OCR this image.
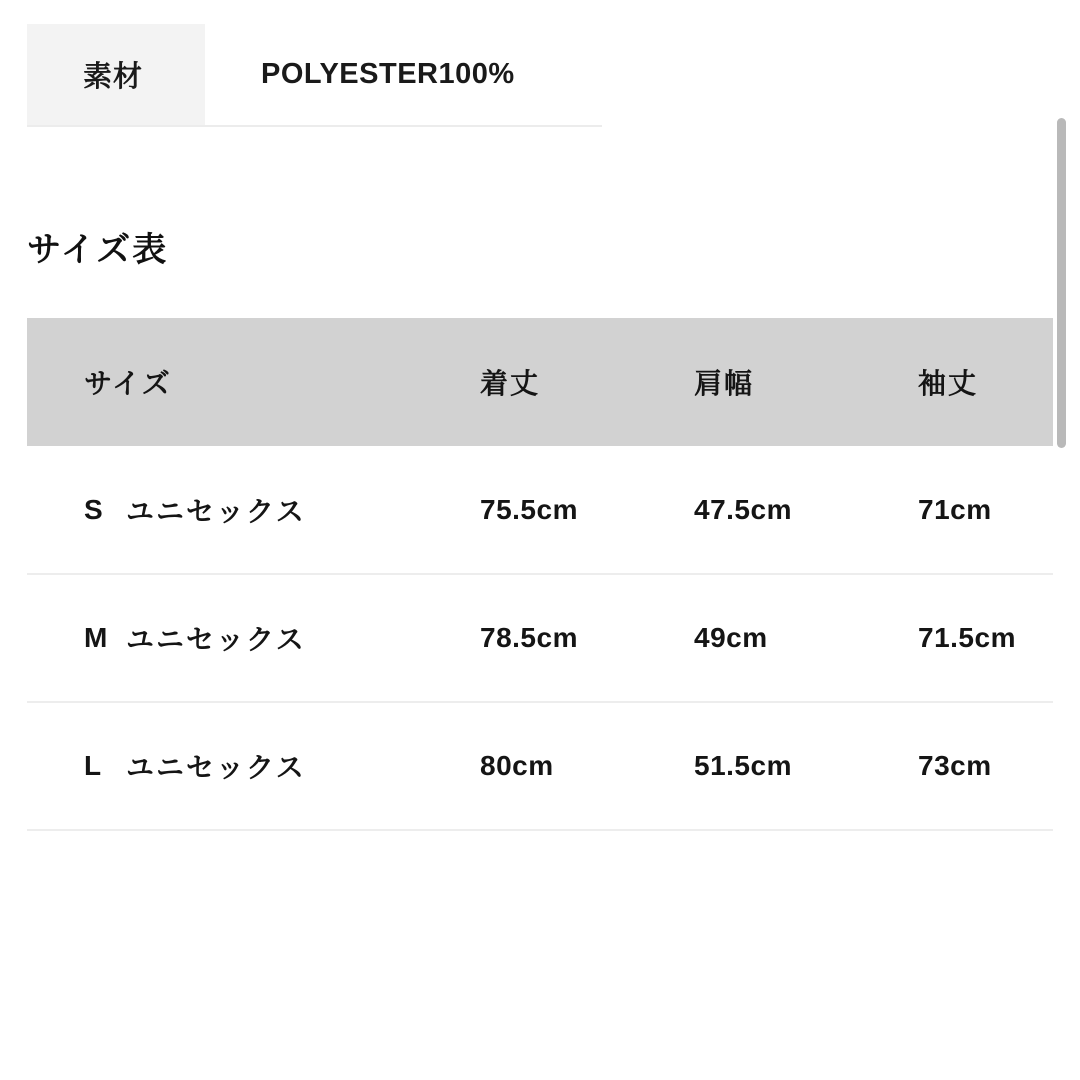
素材	POLYESTER100%
サイズ表
サイズ	着丈	肩幅	袖丈

S ユニセックス	75.5cm	47.5cm	71cm

M ユニセックス	78.5cm	49cm	71.5cm

L ユニセックス	80cm	51.5cm	73cm
